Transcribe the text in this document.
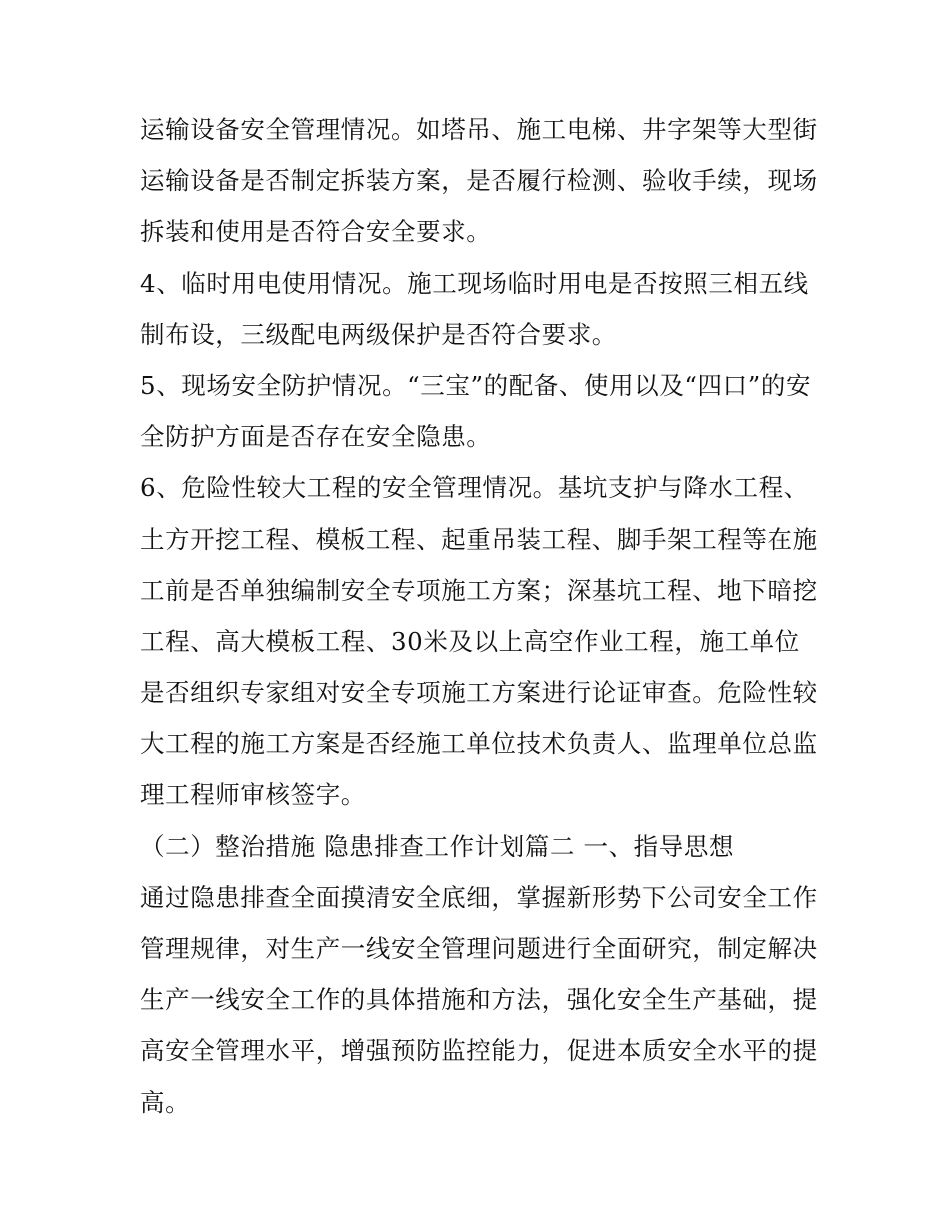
运输设备安全管理情况。如塔吊、施工电梯、井字架等大型街
运输设备是否制定拆装方案，是否履行检测、验收手续，现场
拆装和使用是否符合安全要求。
4、临时用电使用情况。施工现场临时用电是否按照三相五线
制布设，三级配电两级保护是否符合要求。
5、现场安全防护情况。“三宝”的配备、使用以及“四口”的安
全防护方面是否存在安全隐患。
6、危险性较大工程的安全管理情况。基坑支护与降水工程、
土方开挖工程、模板工程、起重吊装工程、脚手架工程等在施
工前是否单独编制安全专项施工方案；深基坑工程、地下暗挖
工程、高大模板工程、30米及以上高空作业工程，施工单位
是否组织专家组对安全专项施工方案进行论证审查。危险性较
大工程的施工方案是否经施工单位技术负责人、监理单位总监
理工程师审核签字。
（二）整治措施 隐患排查工作计划篇二 一、指导思想
通过隐患排查全面摸清安全底细，掌握新形势下公司安全工作
管理规律，对生产一线安全管理问题进行全面研究，制定解决
生产一线安全工作的具体措施和方法，强化安全生产基础，提
高安全管理水平，增强预防监控能力，促进本质安全水平的提
高。
